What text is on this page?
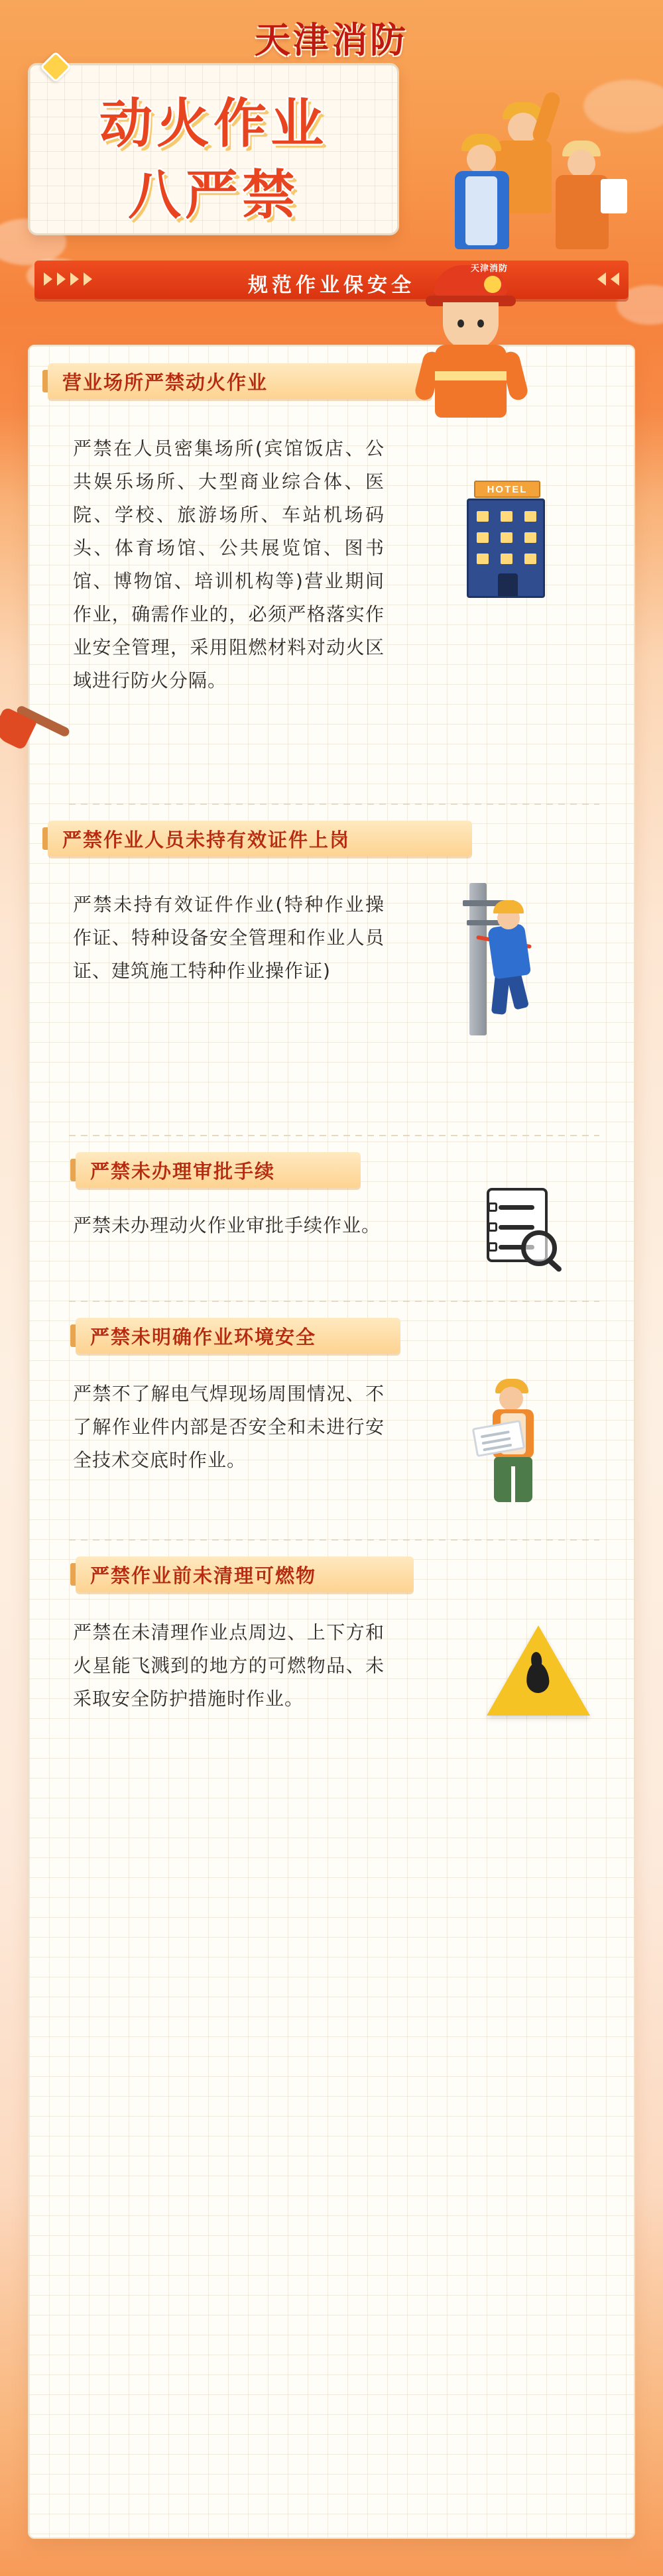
天津消防
动火作业
八严禁
规范作业保安全
天津消防
营业场所严禁动火作业
严禁在人员密集场所(宾馆饭店、公共娱乐场所、大型商业综合体、医院、学校、旅游场所、车站机场码头、体育场馆、公共展览馆、图书馆、博物馆、培训机构等)营业期间作业，确需作业的，必须严格落实作业安全管理，采用阻燃材料对动火区域进行防火分隔。
HOTEL
严禁作业人员未持有效证件上岗
严禁未持有效证件作业(特种作业操作证、特种设备安全管理和作业人员证、建筑施工特种作业操作证)
严禁未办理审批手续
严禁未办理动火作业审批手续作业。
严禁未明确作业环境安全
严禁不了解电气焊现场周围情况、不了解作业件内部是否安全和未进行安全技术交底时作业。
严禁作业前未清理可燃物
严禁在未清理作业点周边、上下方和火星能飞溅到的地方的可燃物品、未采取安全防护措施时作业。
